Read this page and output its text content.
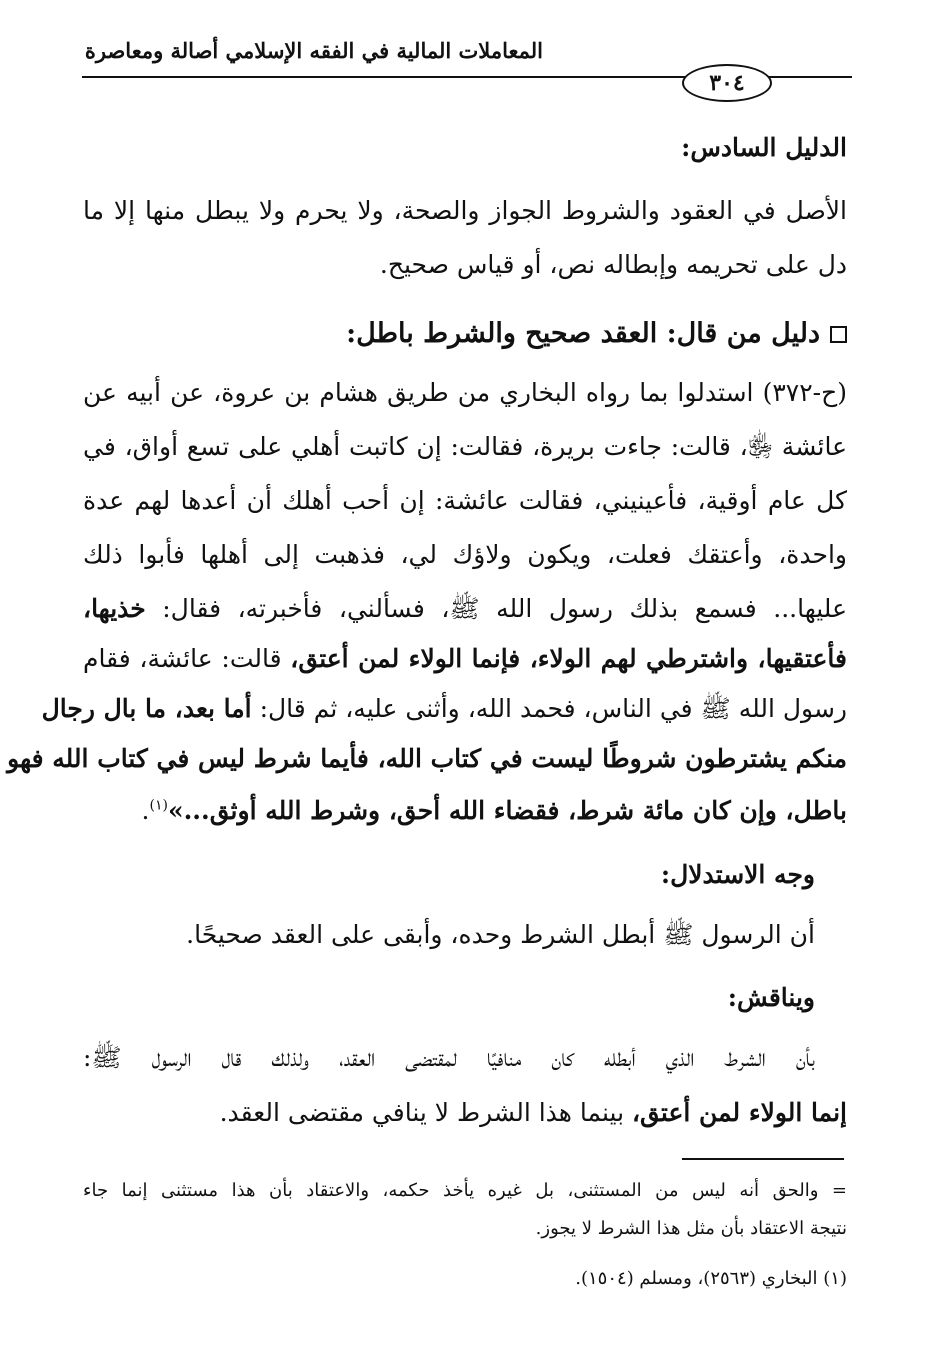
المعاملات المالية في الفقه الإسلامي أصالة ومعاصرة
٣٠٤
الدليل السادس:
الأصل في العقود والشروط الجواز والصحة، ولا يحرم ولا يبطل منها إلا ما
دل على تحريمه وإبطاله نص، أو قياس صحيح.
دليل من قال: العقد صحيح والشرط باطل:
(ح-٣٧٢) استدلوا بما رواه البخاري من طريق هشام بن عروة، عن أبيه عن
عائشة ﵂، قالت: جاءت بريرة، فقالت: إن كاتبت أهلي على تسع أواق، في
كل عام أوقية، فأعينيني، فقالت عائشة: إن أحب أهلك أن أعدها لهم عدة
واحدة، وأعتقك فعلت، ويكون ولاؤك لي، فذهبت إلى أهلها فأبوا ذلك
عليها... فسمع بذلك رسول الله ﷺ، فسألني، فأخبرته، فقال: خذيها،
فأعتقيها، واشترطي لهم الولاء، فإنما الولاء لمن أعتق، قالت: عائشة، فقام
رسول الله ﷺ في الناس، فحمد الله، وأثنى عليه، ثم قال: أما بعد، ما بال رجال
منكم يشترطون شروطًا ليست في كتاب الله، فأيما شرط ليس في كتاب الله فهو
باطل، وإن كان مائة شرط، فقضاء الله أحق، وشرط الله أوثق...»$^{(١)}$.
وجه الاستدلال:
أن الرسول ﷺ أبطل الشرط وحده، وأبقى على العقد صحيحًا.
ويناقش:
بأن الشرط الذي أبطله كان منافيًا لمقتضى العقد، ولذلك قال الرسول ﷺ:
إنما الولاء لمن أعتق، بينما هذا الشرط لا ينافي مقتضى العقد.
= والحق أنه ليس من المستثنى، بل غيره يأخذ حكمه، والاعتقاد بأن هذا مستثنى إنما جاء
نتيجة الاعتقاد بأن مثل هذا الشرط لا يجوز.
(١) البخاري (٢٥٦٣)، ومسلم (١٥٠٤).
